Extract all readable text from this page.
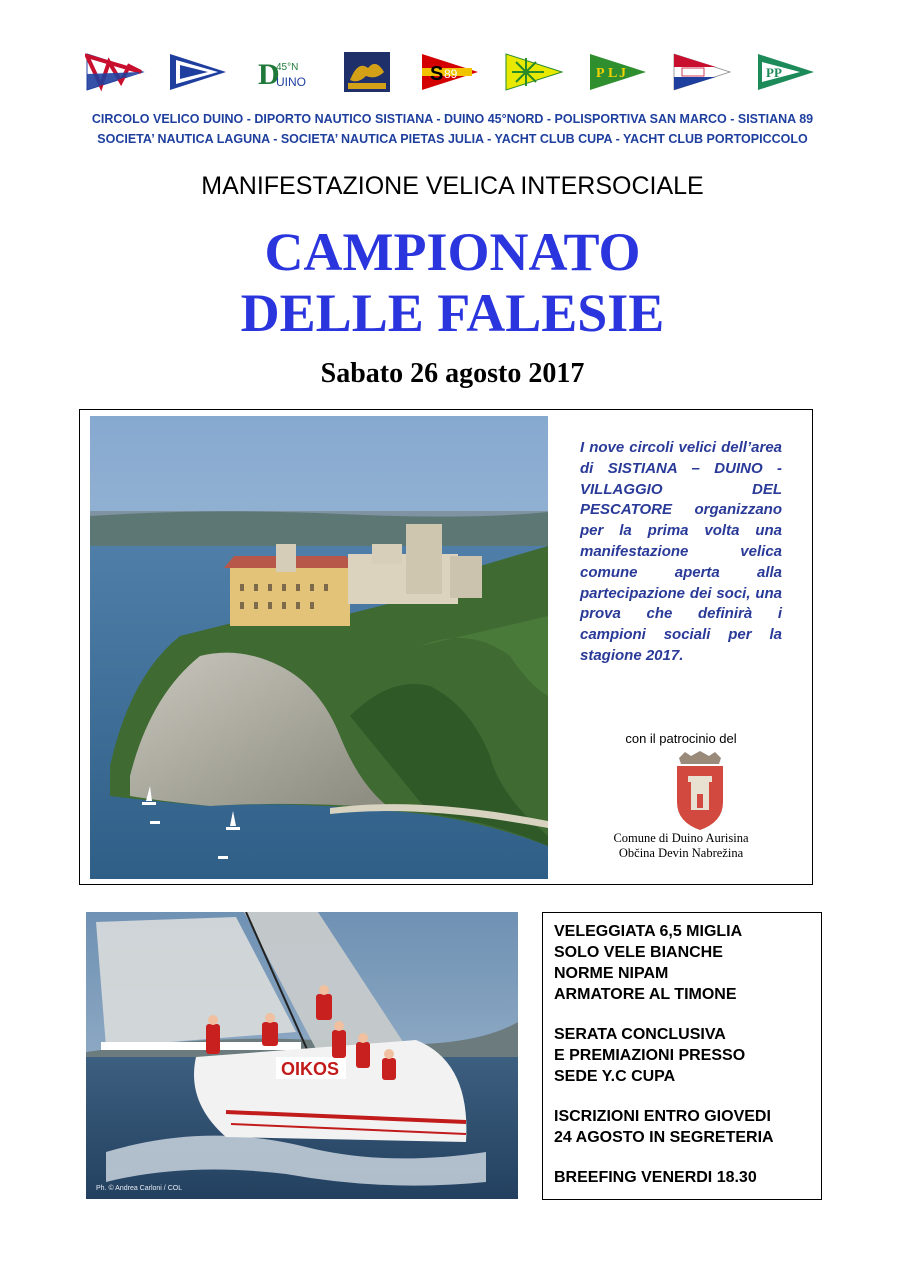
D
45°N
UINO	S 89	P L J	PP
CIRCOLO VELICO DUINO - DIPORTO NAUTICO SISTIANA - DUINO 45°NORD - POLISPORTIVA SAN MARCO - SISTIANA 89
SOCIETA’ NAUTICA LAGUNA - SOCIETA’ NAUTICA PIETAS JULIA - YACHT CLUB CUPA - YACHT CLUB PORTOPICCOLO
MANIFESTAZIONE VELICA INTERSOCIALE
CAMPIONATO
DELLE FALESIE
Sabato 26 agosto 2017
I nove circoli velici dell’area di SISTIANA – DUINO - VILLAGGIO DEL PESCATORE organizzano per la prima volta una manifestazione velica comune aperta alla partecipazione dei soci, una prova che definirà i campioni sociali per la stagione 2017.
con il patrocinio del
Comune di Duino Aurisina
Občina Devin Nabrežina
OIKOS
Ph. © Andrea Carloni / COL
VELEGGIATA 6,5 MIGLIA
SOLO VELE BIANCHE
NORME NIPAM
ARMATORE AL TIMONE
SERATA CONCLUSIVA
E PREMIAZIONI PRESSO
SEDE Y.C CUPA
ISCRIZIONI ENTRO GIOVEDI
24 AGOSTO IN SEGRETERIA
BREEFING VENERDI 18.30
